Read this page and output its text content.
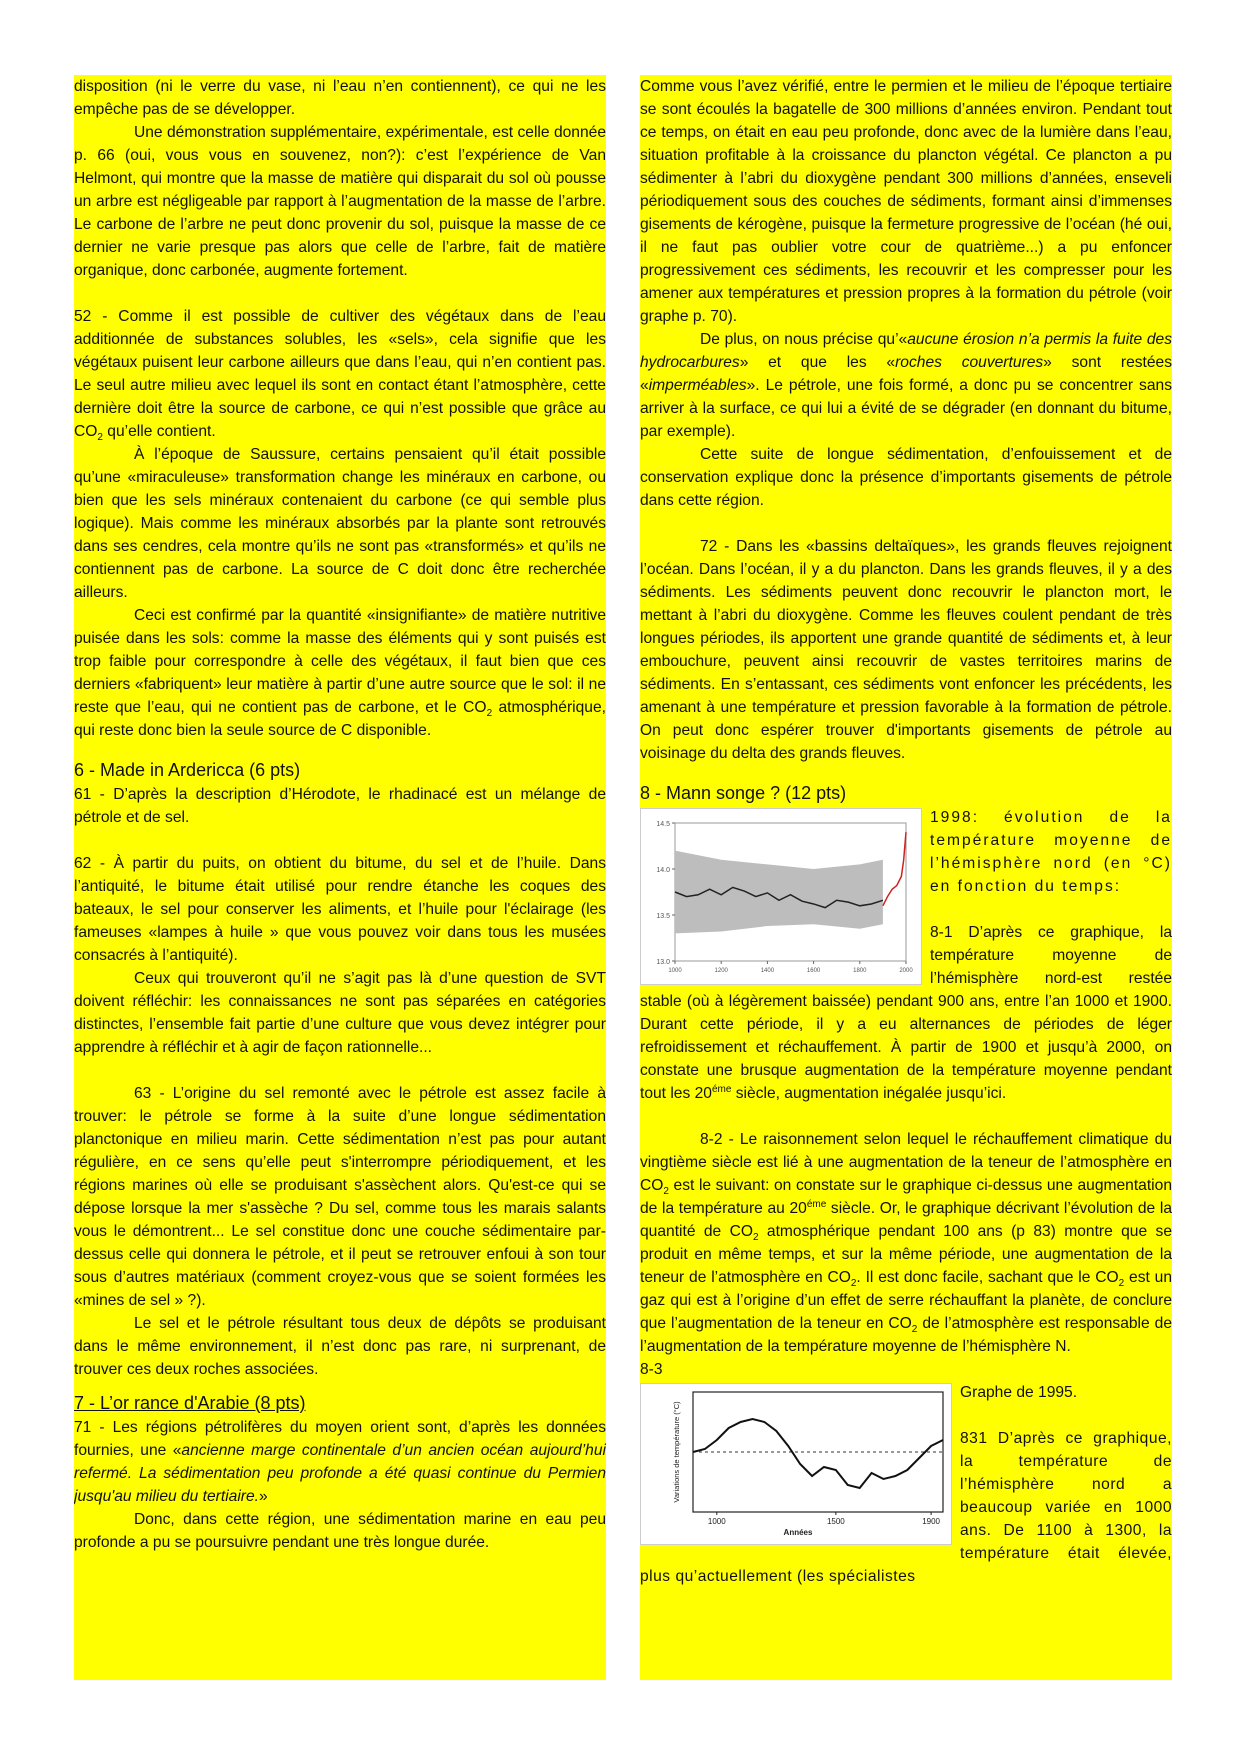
disposition (ni le verre du vase, ni l’eau n’en contiennent), ce qui ne les empêche pas de se développer.

Une démonstration supplémentaire, expérimentale, est celle donnée p. 66 (oui, vous vous en souvenez, non?): c’est l’expérience de Van Helmont, qui montre que la masse de matière qui disparait du sol où pousse un arbre est négligeable par rapport à l’augmentation de la masse de l’arbre. Le carbone de l’arbre ne peut donc provenir du sol, puisque la masse de ce dernier ne varie presque pas alors que celle de l’arbre, fait de matière organique, donc carbonée, augmente fortement.

52 - Comme il est possible de cultiver des végétaux dans de l’eau additionnée de substances solubles, les «sels», cela signifie que les végétaux puisent leur carbone ailleurs que dans l’eau, qui n’en contient pas. Le seul autre milieu avec lequel ils sont en contact étant l’atmosphère, cette dernière doit être la source de carbone, ce qui n’est possible que grâce au $CO_2$ qu’elle contient.

À l’époque de Saussure, certains pensaient qu’il était possible qu’une «miraculeuse» transformation change les minéraux en carbone, ou bien que les sels minéraux contenaient du carbone (ce qui semble plus logique). Mais comme les minéraux absorbés par la plante sont retrouvés dans ses cendres, cela montre qu’ils ne sont pas «transformés» et qu’ils ne contiennent pas de carbone. La source de C doit donc être recherchée ailleurs.

Ceci est confirmé par la quantité «insignifiante» de matière nutritive puisée dans les sols: comme la masse des éléments qui y sont puisés est trop faible pour correspondre à celle des végétaux, il faut bien que ces derniers «fabriquent» leur matière à partir d’une autre source que le sol: il ne reste que l’eau, qui ne contient pas de carbone, et le $CO_2$ atmosphérique, qui reste donc bien la seule source de C disponible.

6 - Made in Ardericca (6 pts)

61 - D’après la description d’Hérodote, le rhadinacé est un mélange de pétrole et de sel.

62 - À partir du puits, on obtient du bitume, du sel et de l’huile. Dans l’antiquité, le bitume était utilisé pour rendre étanche les coques des bateaux, le sel pour conserver les aliments, et l’huile pour l'éclairage (les fameuses «lampes à huile » que vous pouvez voir dans tous les musées consacrés à l’antiquité).

Ceux qui trouveront qu’il ne s’agit pas là d’une question de SVT doivent réfléchir: les connaissances ne sont pas séparées en catégories distinctes, l’ensemble fait partie d’une culture que vous devez intégrer pour apprendre à réfléchir et à agir de façon rationnelle...

63 - L’origine du sel remonté avec le pétrole est assez facile à trouver: le pétrole se forme à la suite d’une longue sédimentation planctonique en milieu marin. Cette sédimentation n’est pas pour autant régulière, en ce sens qu’elle peut s'interrompre périodiquement, et les régions marines où elle se produisant s'assèchent alors. Qu'est-ce qui se dépose lorsque la mer s'assèche ? Du sel, comme tous les marais salants vous le démontrent... Le sel constitue donc une couche sédimentaire par-dessus celle qui donnera le pétrole, et il peut se retrouver enfoui à son tour sous d’autres matériaux (comment croyez-vous que se soient formées les «mines de sel » ?).

Le sel et le pétrole résultant tous deux de dépôts se produisant dans le même environnement, il n’est donc pas rare, ni surprenant, de trouver ces deux roches associées.

7 - L’or rance d'Arabie (8 pts)

71 - Les régions pétrolifères du moyen orient sont, d’après les données fournies, une «ancienne marge continentale d’un ancien océan aujourd’hui refermé. La sédimentation peu profonde a été quasi continue du Permien jusqu'au milieu du tertiaire.»

Donc, dans cette région, une sédimentation marine en eau peu profonde a pu se poursuivre pendant une très longue durée.

Comme vous l’avez vérifié, entre le permien et le milieu de l’époque tertiaire se sont écoulés la bagatelle de 300 millions d’années environ. Pendant tout ce temps, on était en eau peu profonde, donc avec de la lumière dans l’eau, situation profitable à la croissance du plancton végétal. Ce plancton a pu sédimenter à l’abri du dioxygène pendant 300 millions d’années, enseveli périodiquement sous des couches de sédiments, formant ainsi d’immenses gisements de kérogène, puisque la fermeture progressive de l’océan (hé oui, il ne faut pas oublier votre cour de quatrième...) a pu enfoncer progressivement ces sédiments, les recouvrir et les compresser pour les amener aux températures et pression propres à la formation du pétrole (voir graphe p. 70).

De plus, on nous précise qu’«aucune érosion n’a permis la fuite des hydrocarbures» et que les «roches couvertures» sont restées «imperméables». Le pétrole, une fois formé, a donc pu se concentrer sans arriver à la surface, ce qui lui a évité de se dégrader (en donnant du bitume, par exemple).

Cette suite de longue sédimentation, d’enfouissement et de conservation explique donc la présence d’importants gisements de pétrole dans cette région.

72 - Dans les «bassins deltaïques», les grands fleuves rejoignent l’océan. Dans l’océan, il y a du plancton. Dans les grands fleuves, il y a des sédiments. Les sédiments peuvent donc recouvrir le plancton mort, le mettant à l’abri du dioxygène. Comme les fleuves coulent pendant de très longues périodes, ils apportent une grande quantité de sédiments et, à leur embouchure, peuvent ainsi recouvrir de vastes territoires marins de sédiments. En s’entassant, ces sédiments vont enfoncer les précédents, les amenant à une température et pression favorable à la formation de pétrole. On peut donc espérer trouver d'importants gisements de pétrole au voisinage du delta des grands fleuves.

8 - Mann songe ? (12 pts)
13.0
13.5
14.0
14.5
1000	1200	1400	1600	1800	2000

1998: évolution de la température moyenne de l’hémisphère nord (en °C) en fonction du temps:

8-1 D’après ce graphique, la température moyenne de l’hémisphère nord-est restée stable (où à légèrement baissée) pendant 900 ans, entre l’an 1000 et 1900. Durant cette période, il y a eu alternances de périodes de léger refroidissement et réchauffement. À partir de 1900 et jusqu’à 2000, on constate une brusque augmentation de la température moyenne pendant tout les $20^{éme}$ siècle, augmentation inégalée jusqu’ici.

8-2 - Le raisonnement selon lequel le réchauffement climatique du vingtième siècle est lié à une augmentation de la teneur de l’atmosphère en $CO_2$ est le suivant: on constate sur le graphique ci-dessus une augmentation de la température au $20^{éme}$ siècle. Or, le graphique décrivant l’évolution de la quantité de $CO_2$ atmosphérique pendant 100 ans (p 83) montre que se produit en même temps, et sur la même période, une augmentation de la teneur de l’atmosphère en $CO_2$. Il est donc facile, sachant que le $CO_2$ est un gaz qui est à l’origine d’un effet de serre réchauffant la planète, de conclure que l’augmentation de la teneur en $CO_2$ de l’atmosphère est responsable de l’augmentation de la température moyenne de l’hémisphère N.

8-3

1000	1500	1900
Années
Variations de température (°C)

Graphe de 1995.

831 D’après ce graphique, la température de l’hémisphère nord a beaucoup variée en 1000 ans. De 1100 à 1300, la température était élevée, plus qu’actuellement (les spécialistes
